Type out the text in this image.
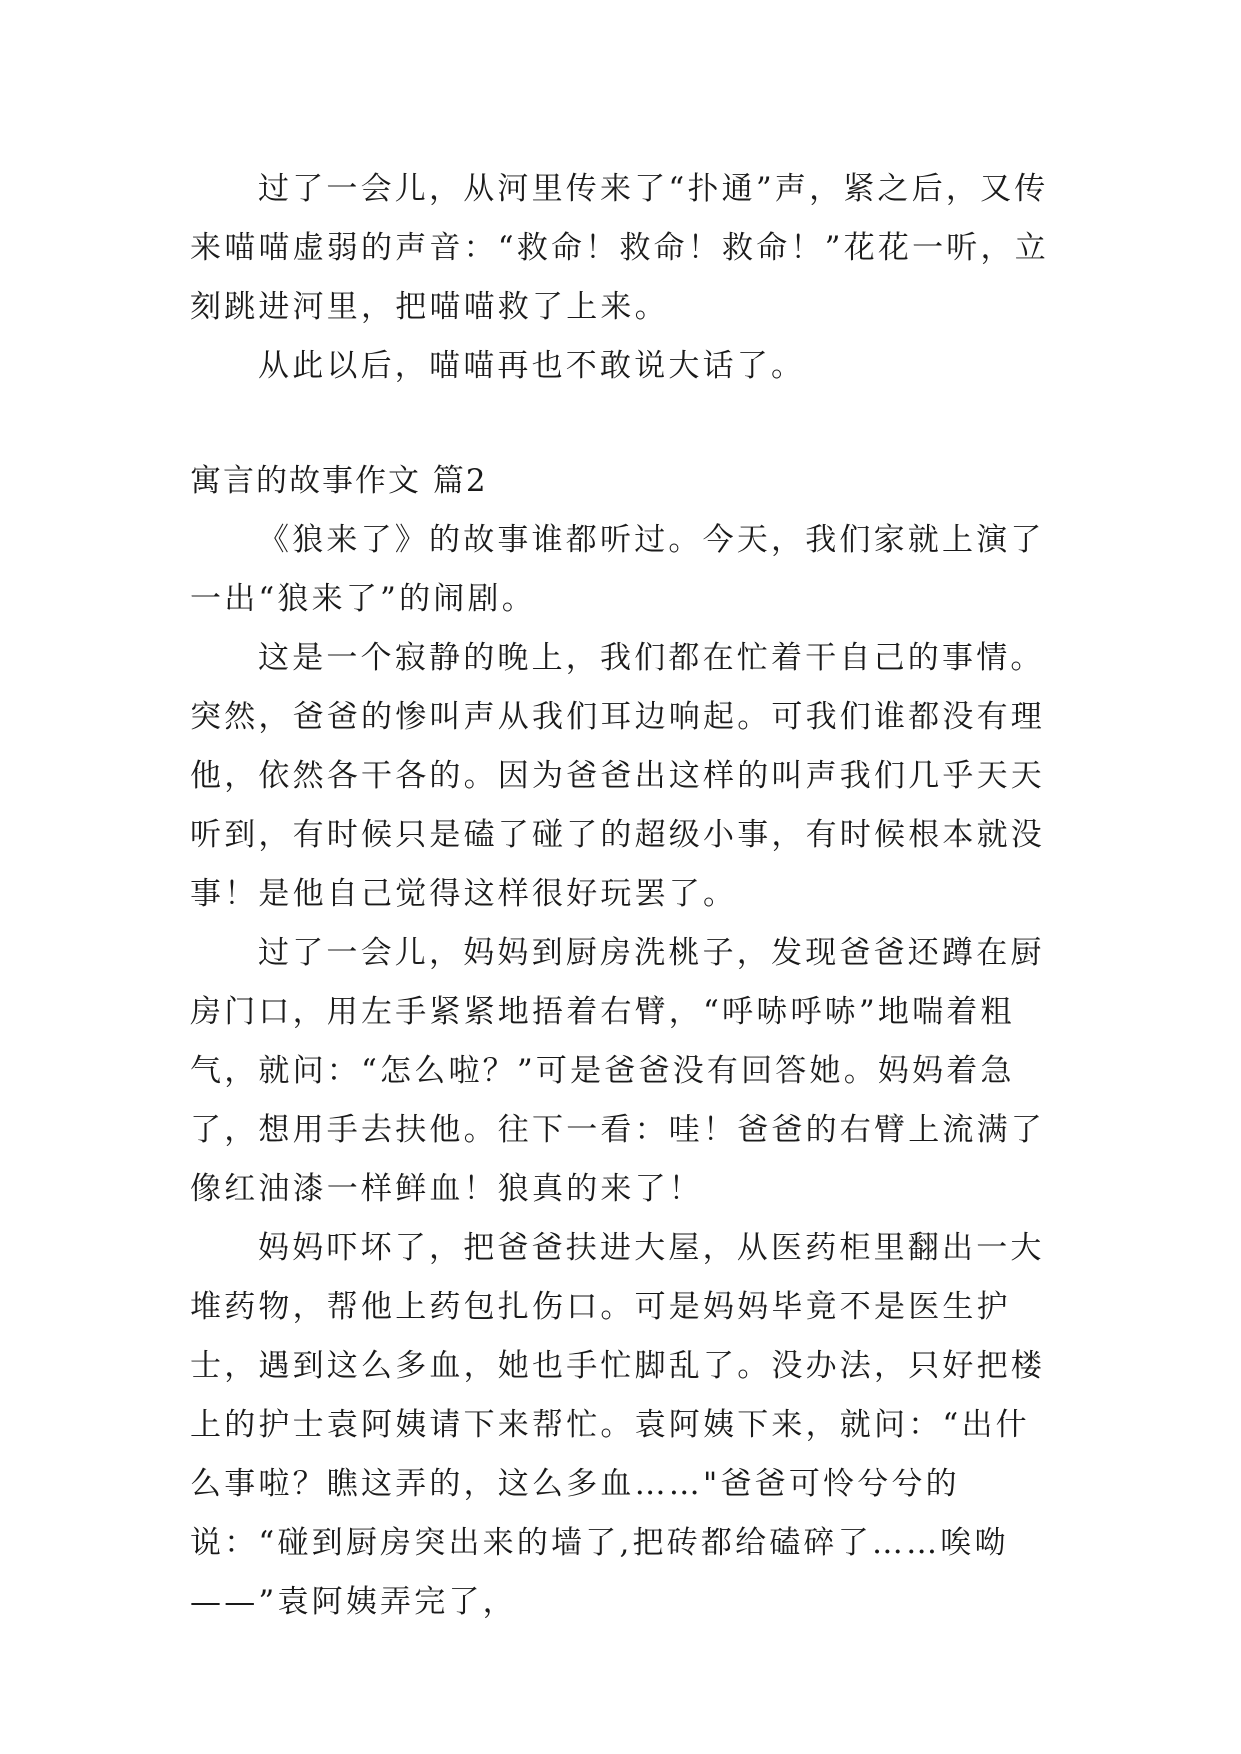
过了一会儿，从河里传来了“扑通”声，紧之后，又传来喵喵虚弱的声音：“救命！救命！救命！”花花一听，立刻跳进河里，把喵喵救了上来。

从此以后，喵喵再也不敢说大话了。

寓言的故事作文 篇2

《狼来了》的故事谁都听过。今天，我们家就上演了一出“狼来了”的闹剧。

这是一个寂静的晚上，我们都在忙着干自己的事情。突然，爸爸的惨叫声从我们耳边响起。可我们谁都没有理他，依然各干各的。因为爸爸出这样的叫声我们几乎天天听到，有时候只是磕了碰了的超级小事，有时候根本就没事！是他自己觉得这样很好玩罢了。

过了一会儿，妈妈到厨房洗桃子，发现爸爸还蹲在厨房门口，用左手紧紧地捂着右臂，“呼哧呼哧”地喘着粗气，就问：“怎么啦？”可是爸爸没有回答她。妈妈着急了，想用手去扶他。往下一看：哇！爸爸的右臂上流满了像红油漆一样鲜血！狼真的来了！

妈妈吓坏了，把爸爸扶进大屋，从医药柜里翻出一大堆药物，帮他上药包扎伤口。可是妈妈毕竟不是医生护士，遇到这么多血，她也手忙脚乱了。没办法，只好把楼上的护士袁阿姨请下来帮忙。袁阿姨下来，就问：“出什么事啦？瞧这弄的，这么多血……"爸爸可怜兮兮的说：“碰到厨房突出来的墙了,把砖都给磕碎了……唉呦——”袁阿姨弄完了，
